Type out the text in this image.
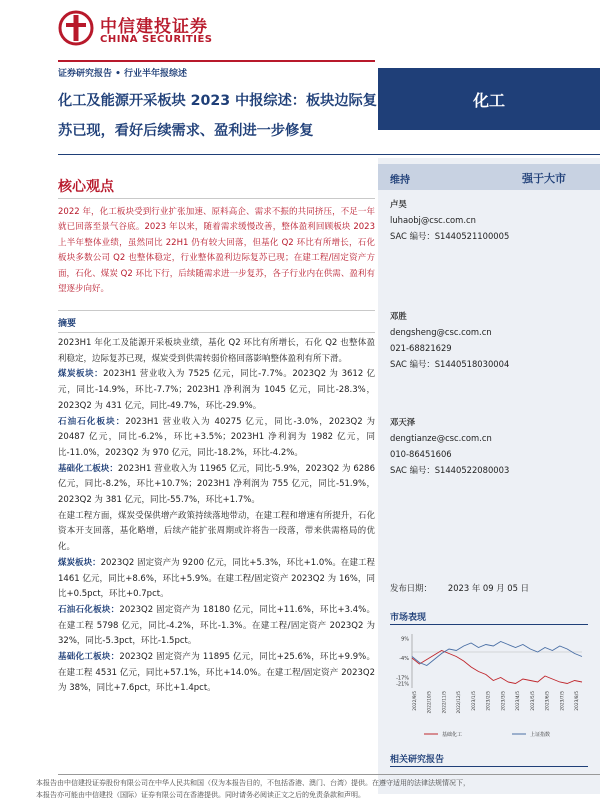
中信建投证券
CHINA SECURITIES
证券研究报告 • 行业半年报综述
化工及能源开采板块 2023 中报综述：板块边际复苏已现，看好后续需求、盈利进一步修复
化工
核心观点
2022 年，化工板块受到行业扩张加速、原料高企、需求不振的共同挤压，不足一年就已回落至景气谷底。2023 年以来，随着需求缓慢改善，整体盈利回顾板块 2023 上半年整体业绩，虽然同比 22H1 仍有较大回落，但基化 Q2 环比有所增长，石化板块多数公司 Q2 也整体稳定，行业整体盈利边际复苏已现；在建工程/固定资产方面，石化、煤炭 Q2 环比下行，后续随需求进一步复苏，各子行业内在供需、盈利有望逐步向好。
摘要

2023H1 年化工及能源开采板块业绩，基化 Q2 环比有所增长，石化 Q2 也整体盈利稳定，边际复苏已现，煤炭受到供需转弱价格回落影响整体盈利有所下滑。

煤炭板块：2023H1 营业收入为 7525 亿元，同比-7.7%。2023Q2 为 3612 亿元，同比-14.9%，环比-7.7%；2023H1 净利润为 1045 亿元，同比-28.3%，2023Q2 为 431 亿元，同比-49.7%，环比-29.9%。

石油石化板块：2023H1 营业收入为 40275 亿元，同比-3.0%，2023Q2 为 20487 亿元，同比-6.2%，环比+3.5%；2023H1 净利润为 1982 亿元，同比-11.0%，2023Q2 为 970 亿元，同比-18.2%，环比-4.2%。

基础化工板块：2023H1 营业收入为 11965 亿元，同比-5.9%，2023Q2 为 6286 亿元，同比-8.2%，环比+10.7%；2023H1 净利润为 755 亿元，同比-51.9%，2023Q2 为 381 亿元，同比-55.7%，环比+1.7%。

在建工程方面，煤炭受保供增产政策持续落地带动，在建工程和增速有所提升，石化资本开支回落，基化略增，后续产能扩张周期或许将告一段落，带来供需格局的优化。

煤炭板块：2023Q2 固定资产为 9200 亿元，同比+5.3%，环比+1.0%。在建工程 1461 亿元，同比+8.6%，环比+5.9%。在建工程/固定资产 2023Q2 为 16%，同比+0.5pct，环比+0.7pct。

石油石化板块：2023Q2 固定资产为 18180 亿元，同比+11.6%，环比+3.4%。在建工程 5798 亿元，同比-4.2%，环比-1.3%。在建工程/固定资产 2023Q2 为 32%，同比-5.3pct，环比-1.5pct。

基础化工板块：2023Q2 固定资产为 11895 亿元，同比+25.6%，环比+9.9%。在建工程 4531 亿元，同比+57.1%，环比+14.0%。在建工程/固定资产 2023Q2 为 38%，同比+7.6pct，环比+1.4pct。

维持	强于大市
卢昊
luhaobj@csc.com.cn
SAC 编号：S1440521100005
邓胜
dengsheng@csc.com.cn
021-68821629
SAC 编号：S1440518030004
邓天泽
dengtianze@csc.com.cn
010-86451606
SAC 编号：S1440522080003
发布日期： 2023 年 09 月 05 日
市场表现
9%
-4%
-17%
-21%
2022/9/5 2022/10/5 2022/11/5 2022/12/5 2023/1/5 2023/2/5 2023/3/5 2023/4/5 2023/5/5 2023/6/5 2023/7/5 2023/8/5
基础化工	上证指数
相关研究报告
本报告由中信建投证券股份有限公司在中华人民共和国（仅为本报告目的，不包括香港、澳门、台湾）提供。在遵守适用的法律法规情况下，
本报告亦可能由中信建投（国际）证券有限公司在香港提供。同时请务必阅读正文之后的免责条款和声明。
